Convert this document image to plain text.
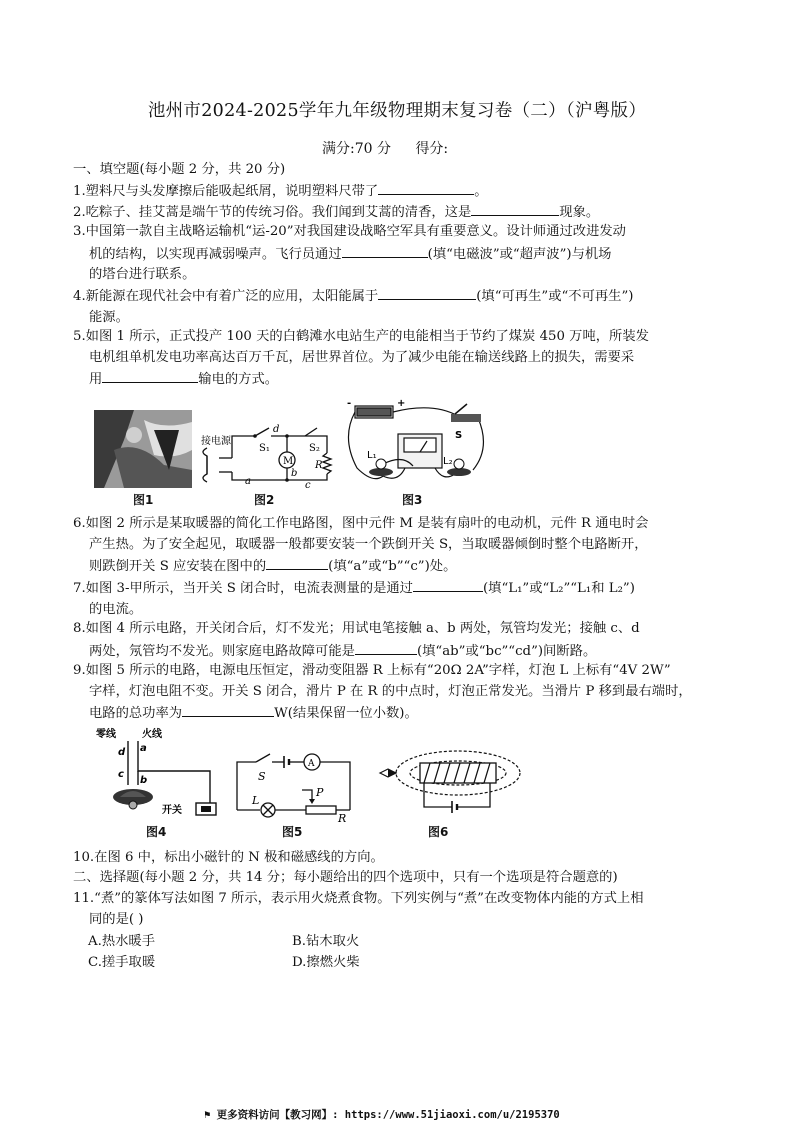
池州市2024-2025学年九年级物理期末复习卷（二）（沪粤版）
满分:70 分 得分:
一、填空题(每小题 2 分，共 20 分)
1.塑料尺与头发摩擦后能吸起纸屑，说明塑料尺带了	。
2.吃粽子、挂艾蒿是端午节的传统习俗。我们闻到艾蒿的清香，这是	现象。
3.中国第一款自主战略运输机“运-20”对我国建设战略空军具有重要意义。设计师通过改进发动
机的结构，以实现再减弱噪声。飞行员通过	(填“电磁波”或“超声波”)与机场
的塔台进行联系。
4.新能源在现代社会中有着广泛的应用，太阳能属于	(填“可再生”或“不可再生”)
能源。
5.如图 1 所示，正式投产 100 天的白鹤滩水电站生产的电能相当于节约了煤炭 450 万吨，所装发
电机组单机发电功率高达百万千瓦，居世界首位。为了减少电能在输送线路上的损失，需要采
用	输电的方式。
图1
接电源
S₁	S₂
M R
a
b
c
d
图2
+
-
S
L₁
L₂
图3
6.如图 2 所示是某取暖器的简化工作电路图，图中元件 M 是装有扇叶的电动机，元件 R 通电时会
产生热。为了安全起见，取暖器一般都要安装一个跌倒开关 S，当取暖器倾倒时整个电路断开，
则跌倒开关 S 应安装在图中的	(填“a”或“b”“c”)处。
7.如图 3-甲所示，当开关 S 闭合时，电流表测量的是通过	(填“L₁”或“L₂”“L₁和 L₂”)
的电流。
8.如图 4 所示电路，开关闭合后，灯不发光；用试电笔接触 a、b 两处，氖管均发光；接触 c、d
两处，氖管均不发光。则家庭电路故障可能是	(填“ab”或“bc”“cd”)间断路。
9.如图 5 所示的电路，电源电压恒定，滑动变阻器 R 上标有“20Ω 2A”字样，灯泡 L 上标有“4V 2W”
字样，灯泡电阻不变。开关 S 闭合，滑片 P 在 R 的中点时，灯泡正常发光。当滑片 P 移到最右端时，
电路的总功率为	W(结果保留一位小数)。
零线	火线
d
c
a
b
开关
图4
S
A
L
P
R
图5	图6
10.在图 6 中，标出小磁针的 N 极和磁感线的方向。
二、选择题(每小题 2 分，共 14 分；每小题给出的四个选项中，只有一个选项是符合题意的)
11.“煮”的篆体写法如图 7 所示，表示用火烧煮食物。下列实例与“煮”在改变物体内能的方式上相
同的是( )
A.热水暖手	B.钻木取火
C.搓手取暖	D.擦燃火柴
⚑ 更多资料访问【教习网】: https://www.51jiaoxi.com/u/2195370
